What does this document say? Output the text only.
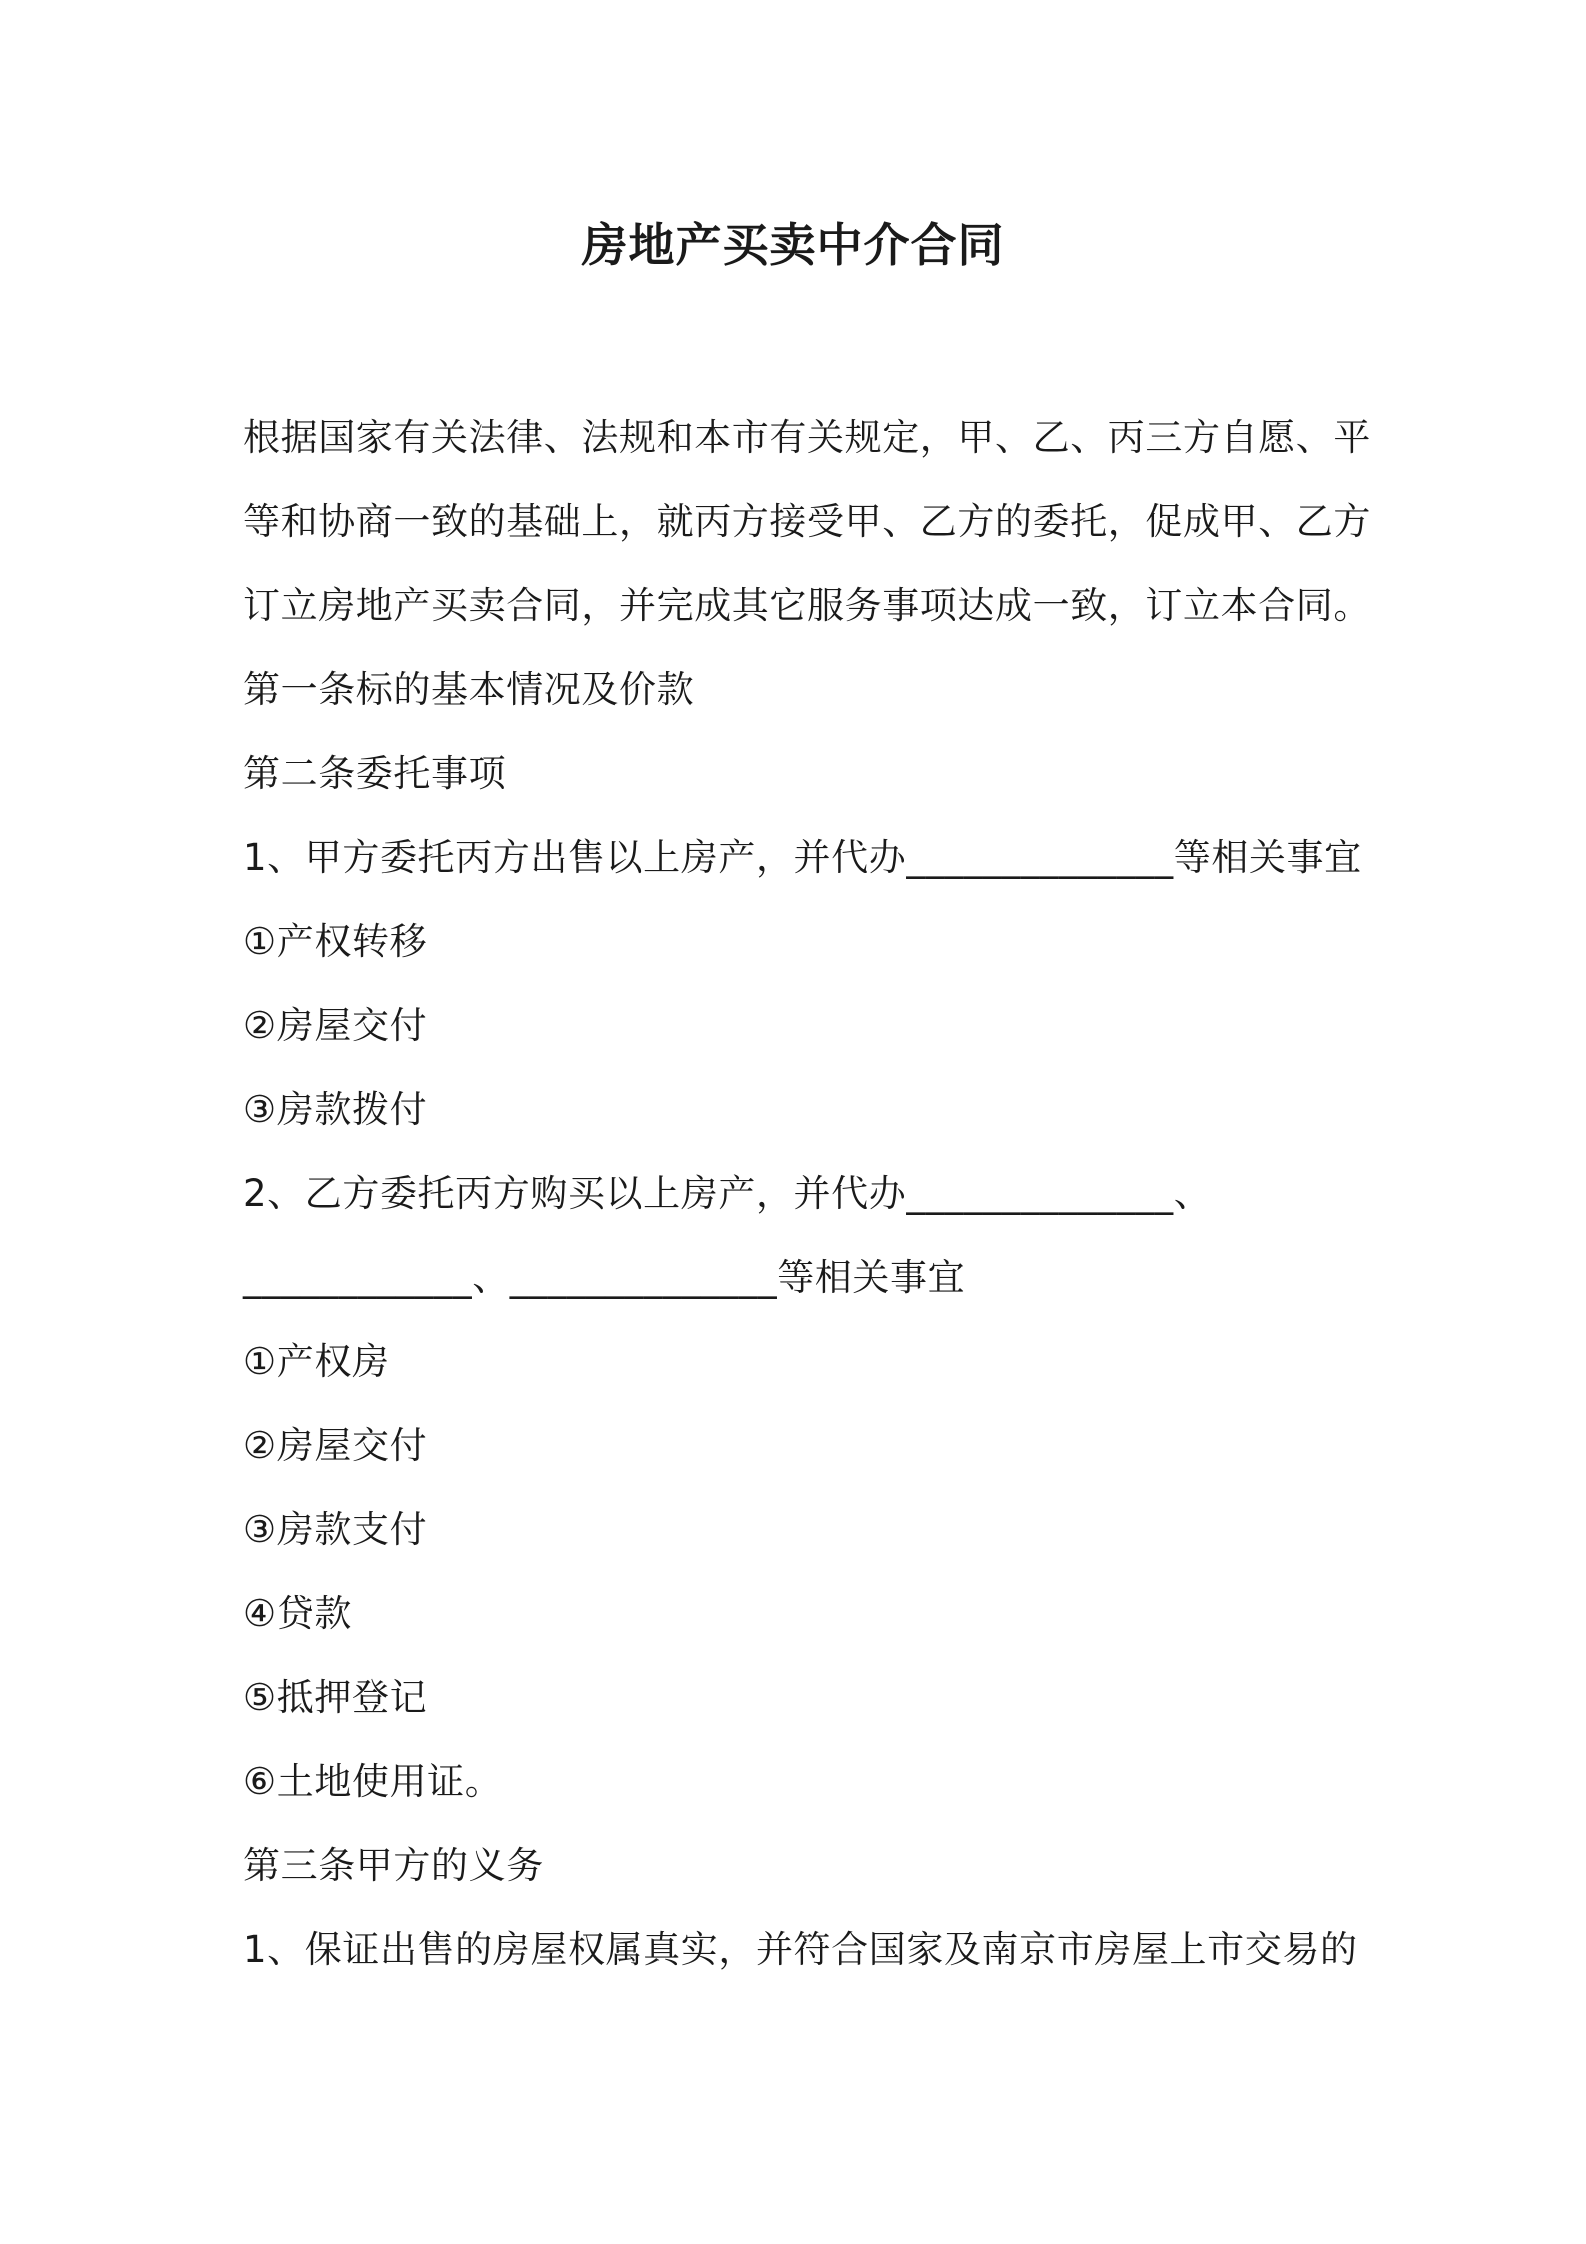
房地产买卖中介合同

根据国家有关法律、法规和本市有关规定，甲、乙、丙三方自愿、平
等和协商一致的基础上，就丙方接受甲、乙方的委托，促成甲、乙方
订立房地产买卖合同，并完成其它服务事项达成一致，订立本合同。

第一条标的基本情况及价款

第二条委托事项

1、甲方委托丙方出售以上房产，并代办______________等相关事宜

①产权转移

②房屋交付

③房款拨付

2、乙方委托丙方购买以上房产，并代办______________、
____________、______________等相关事宜

①产权房

②房屋交付

③房款支付

④贷款

⑤抵押登记

⑥土地使用证。

第三条甲方的义务

1、保证出售的房屋权属真实，并符合国家及南京市房屋上市交易的
